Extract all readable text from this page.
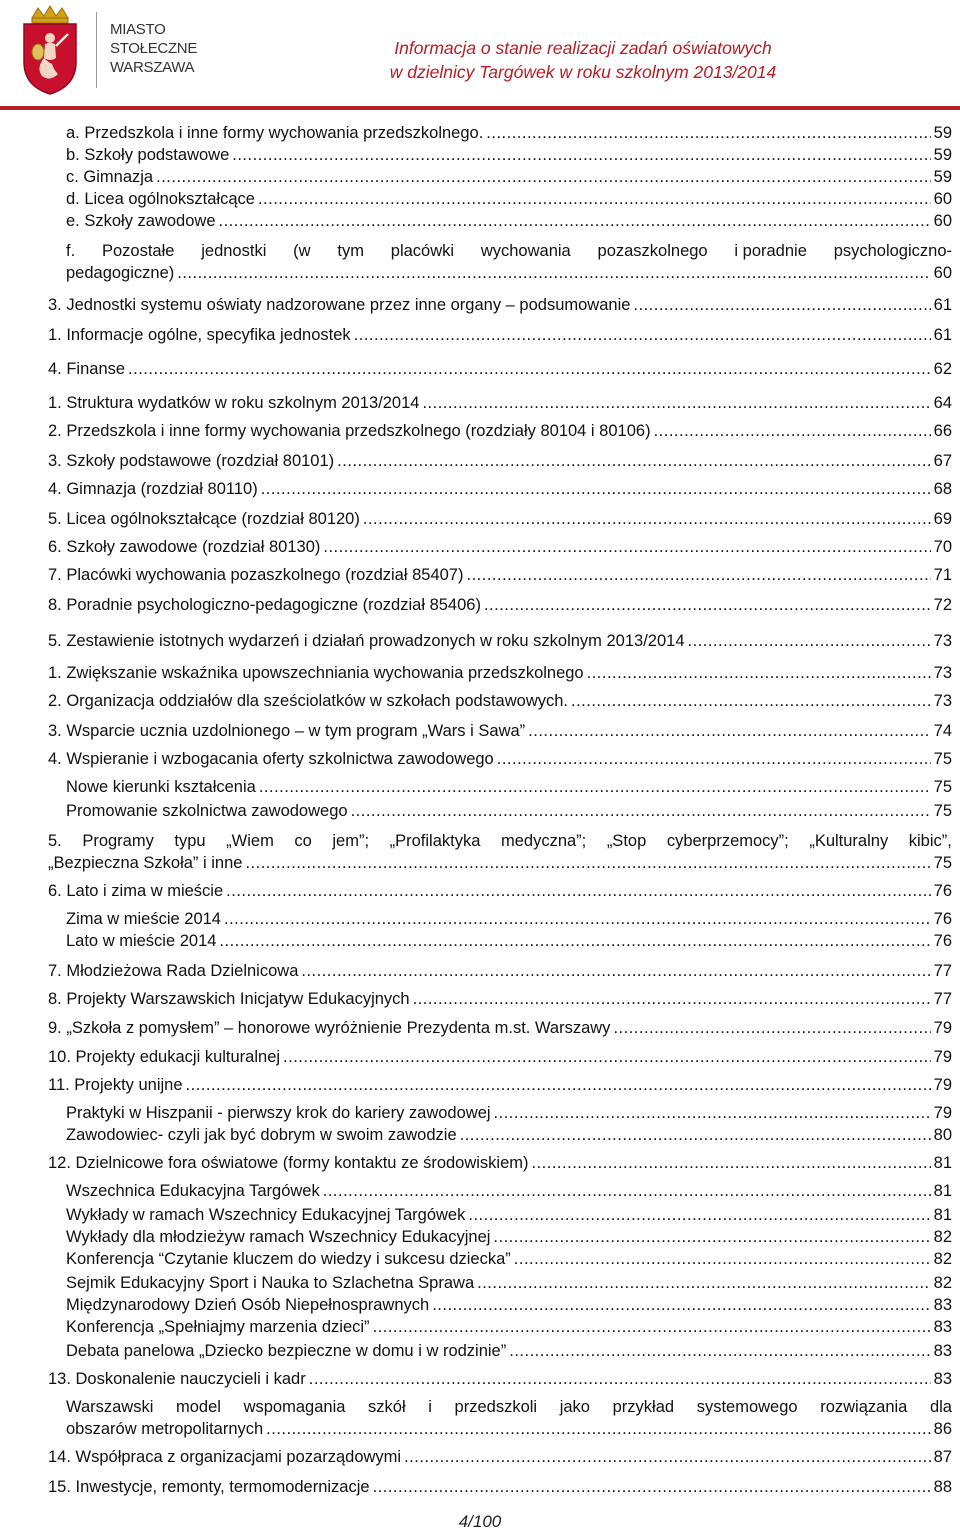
MIASTO
STOŁECZNE
WARSZAWA
Informacja o stanie realizacji zadań oświatowych
w dzielnicy Targówek w roku szkolnym 2013/2014
a. Przedszkola i inne formy wychowania przedszkolnego. .....	59
b. Szkoły podstawowe .....	59
c. Gimnazja .....	59
d. Licea ogólnokształcące .....	60
e. Szkoły zawodowe .....	60
f. Pozostałe jednostki (w tym placówki wychowania pozaszkolnego i poradnie psychologiczno-
pedagogiczne) .....	60
3. Jednostki systemu oświaty nadzorowane przez inne organy – podsumowanie .....	61
1. Informacje ogólne, specyfika jednostek .....	61
4. Finanse .....	62
1. Struktura wydatków w roku szkolnym 2013/2014 .....	64
2. Przedszkola i inne formy wychowania przedszkolnego (rozdziały 80104 i 80106) .....	66
3. Szkoły podstawowe (rozdział 80101) .....	67
4. Gimnazja (rozdział 80110) .....	68
5. Licea ogólnokształcące (rozdział 80120) .....	69
6. Szkoły zawodowe (rozdział 80130) .....	70
7. Placówki wychowania pozaszkolnego (rozdział 85407) .....	71
8. Poradnie psychologiczno-pedagogiczne (rozdział 85406) .....	72
5. Zestawienie istotnych wydarzeń i działań prowadzonych w roku szkolnym 2013/2014 .....	73
1. Zwiększanie wskaźnika upowszechniania wychowania przedszkolnego .....	73
2. Organizacja oddziałów dla sześciolatków w szkołach podstawowych. .....	73
3. Wsparcie ucznia uzdolnionego – w tym program „Wars i Sawa” .....	74
4. Wspieranie i wzbogacania oferty szkolnictwa zawodowego .....	75
Nowe kierunki kształcenia .....	75
Promowanie szkolnictwa zawodowego .....	75
5. Programy typu „Wiem co jem”; „Profilaktyka medyczna”; „Stop cyberprzemocy”; „Kulturalny kibic”,
„Bezpieczna Szkoła” i inne .....	75
6. Lato i zima w mieście .....	76
Zima w mieście 2014 .....	76
Lato w mieście 2014 .....	76
7. Młodzieżowa Rada Dzielnicowa .....	77
8. Projekty Warszawskich Inicjatyw Edukacyjnych .....	77
9. „Szkoła z pomysłem” – honorowe wyróżnienie Prezydenta m.st. Warszawy .....	79
10. Projekty edukacji kulturalnej .....	79
11. Projekty unijne .....	79
Praktyki w Hiszpanii - pierwszy krok do kariery zawodowej .....	79
Zawodowiec- czyli jak być dobrym w swoim zawodzie .....	80
12. Dzielnicowe fora oświatowe (formy kontaktu ze środowiskiem) .....	81
Wszechnica Edukacyjna Targówek .....	81
Wykłady w ramach Wszechnicy Edukacyjnej Targówek .....	81
Wykłady dla młodzieżyw ramach Wszechnicy Edukacyjnej .....	82
Konferencja “Czytanie kluczem do wiedzy i sukcesu dziecka” .....	82
Sejmik Edukacyjny Sport i Nauka to Szlachetna Sprawa .....	82
Międzynarodowy Dzień Osób Niepełnosprawnych .....	83
Konferencja „Spełniajmy marzenia dzieci” .....	83
Debata panelowa „Dziecko bezpieczne w domu i w rodzinie” .....	83
13. Doskonalenie nauczycieli i kadr .....	83
Warszawski model wspomagania szkół i przedszkoli jako przykład systemowego rozwiązania dla
obszarów metropolitarnych .....	86
14. Współpraca z organizacjami pozarządowymi .....	87
15. Inwestycje, remonty, termomodernizacje .....	88
4/100
